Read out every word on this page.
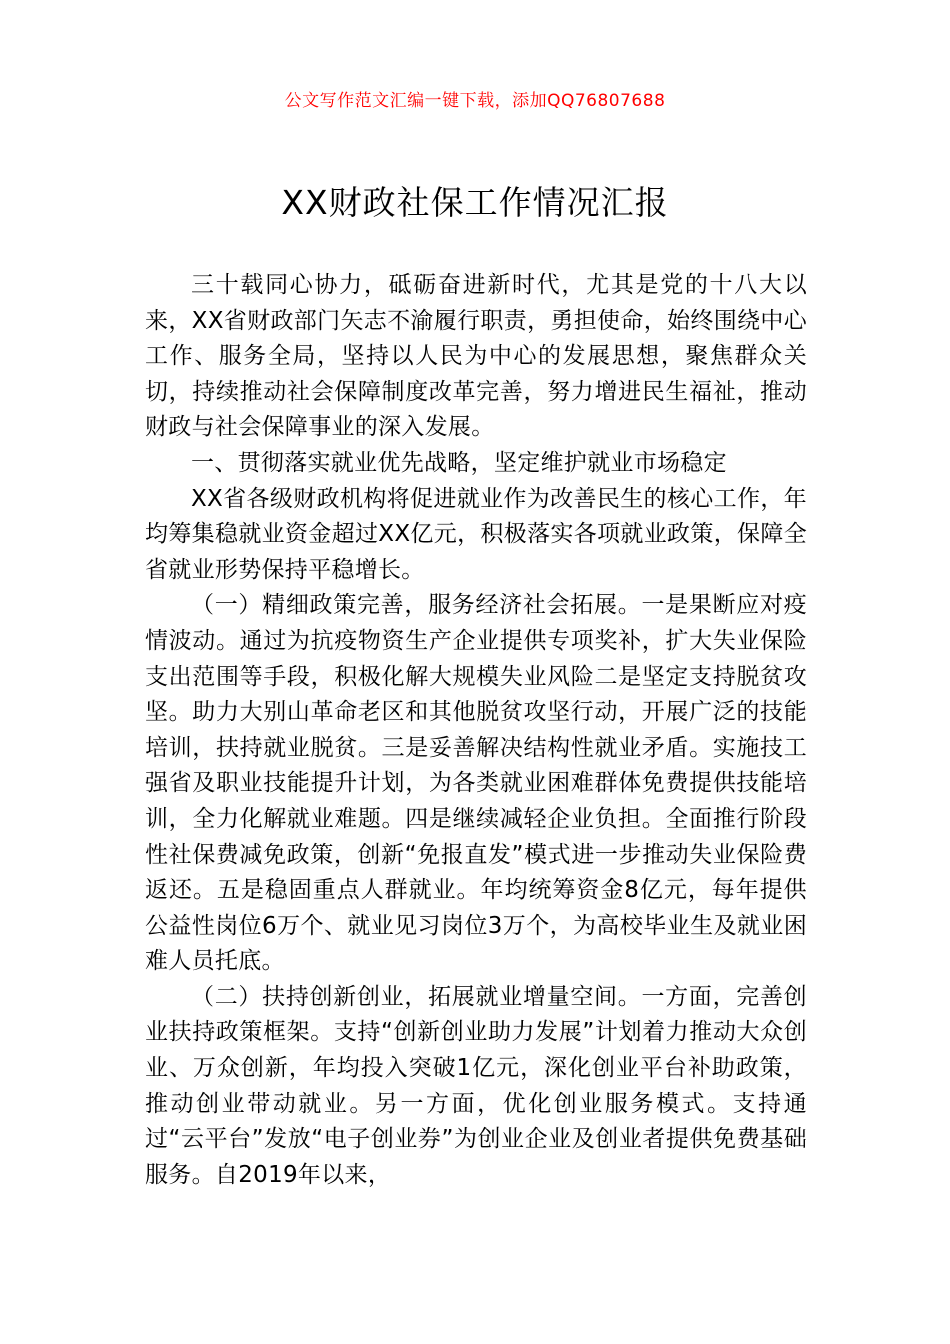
公文写作范文汇编一键下载，添加QQ76807688
XX财政社保工作情况汇报

三十载同心协力，砥砺奋进新时代，尤其是党的十八大以来，XX省财政部门矢志不渝履行职责，勇担使命，始终围绕中心工作、服务全局，坚持以人民为中心的发展思想，聚焦群众关切，持续推动社会保障制度改革完善，努力增进民生福祉，推动财政与社会保障事业的深入发展。

一、贯彻落实就业优先战略，坚定维护就业市场稳定

XX省各级财政机构将促进就业作为改善民生的核心工作，年均筹集稳就业资金超过XX亿元，积极落实各项就业政策，保障全省就业形势保持平稳增长。

（一）精细政策完善，服务经济社会拓展。一是果断应对疫情波动。通过为抗疫物资生产企业提供专项奖补，扩大失业保险支出范围等手段，积极化解大规模失业风险二是坚定支持脱贫攻坚。助力大别山革命老区和其他脱贫攻坚行动，开展广泛的技能培训，扶持就业脱贫。三是妥善解决结构性就业矛盾。实施技工强省及职业技能提升计划，为各类就业困难群体免费提供技能培训，全力化解就业难题。四是继续减轻企业负担。全面推行阶段性社保费减免政策，创新“免报直发”模式进一步推动失业保险费返还。五是稳固重点人群就业。年均统筹资金8亿元，每年提供公益性岗位6万个、就业见习岗位3万个，为高校毕业生及就业困难人员托底。

（二）扶持创新创业，拓展就业增量空间。一方面，完善创业扶持政策框架。支持“创新创业助力发展”计划着力推动大众创业、万众创新，年均投入突破1亿元，深化创业平台补助政策，推动创业带动就业。另一方面，优化创业服务模式。支持通过“云平台”发放“电子创业券”为创业企业及创业者提供免费基础服务。自2019年以来，
